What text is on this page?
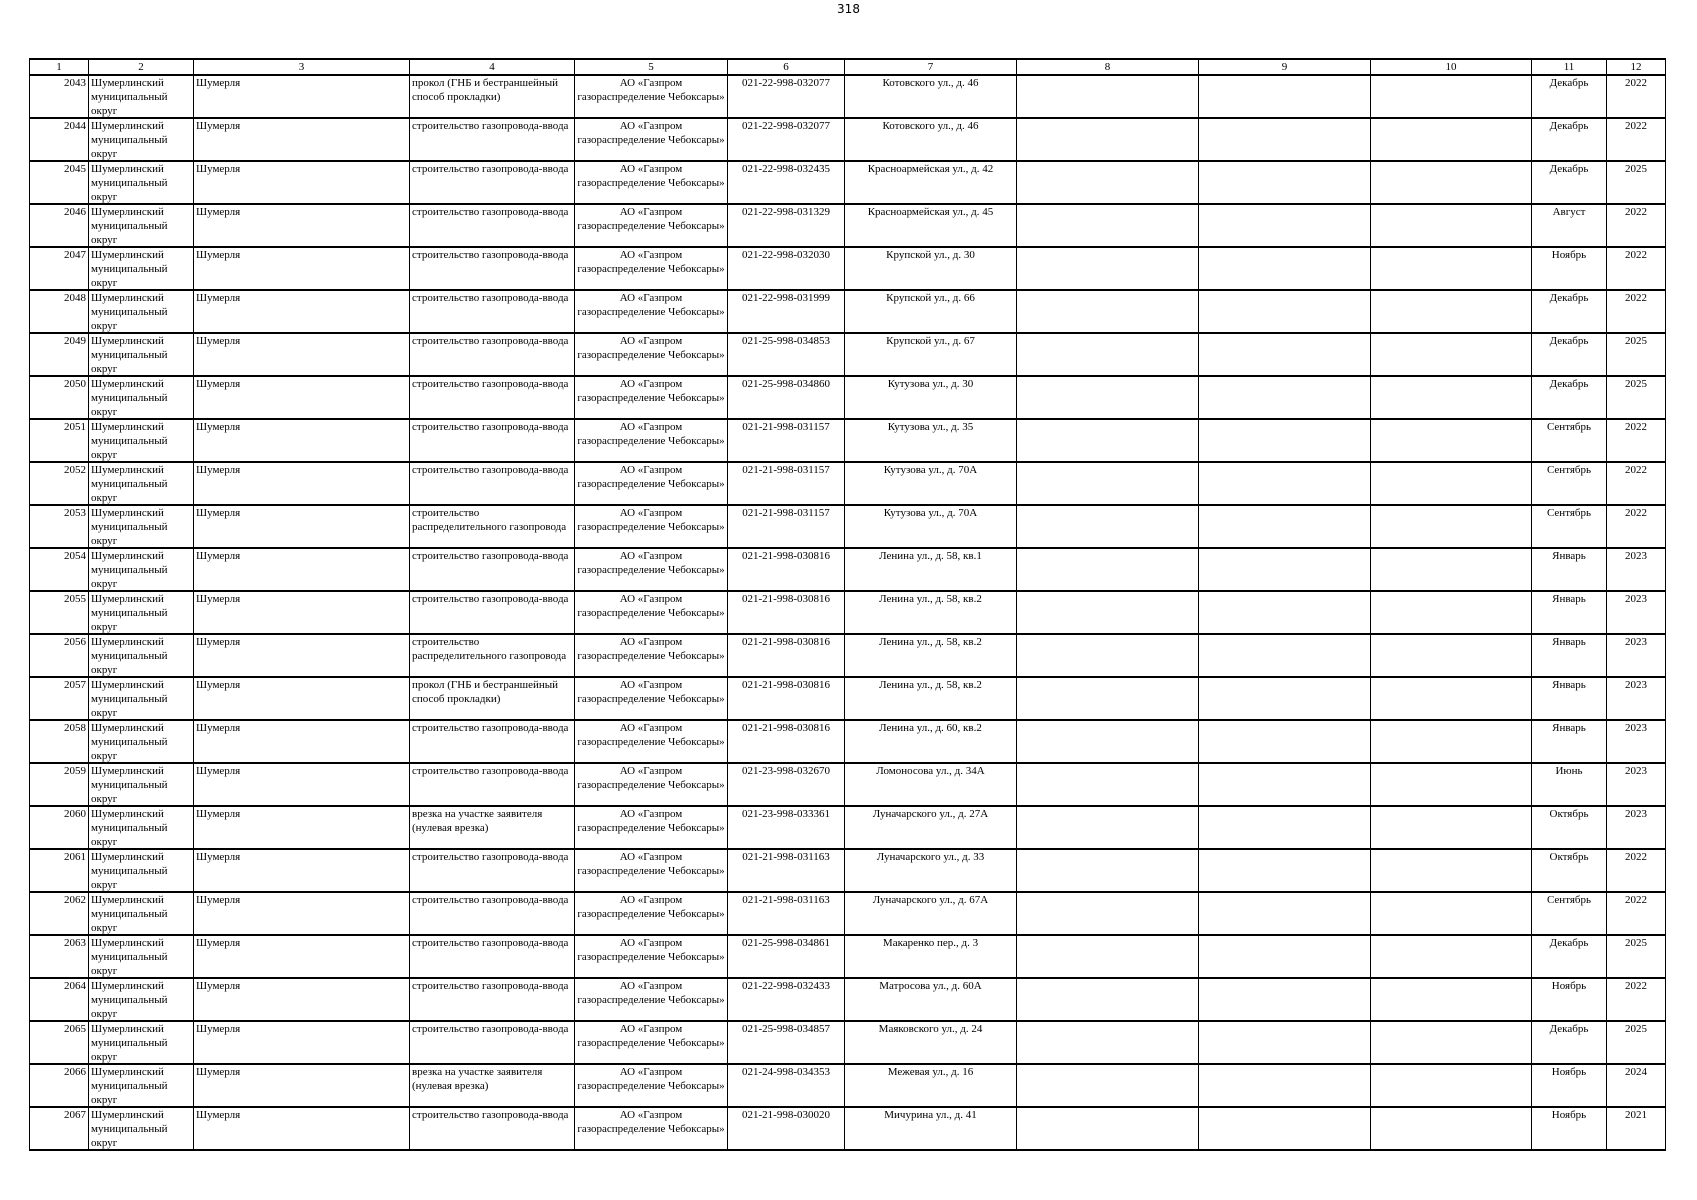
318
1	2	3	4	5	6	7	8	9	10	11	12

2043	Шумерлинский муниципальный округ	Шумерля	прокол (ГНБ и бестраншейный способ прокладки)	АО «Газпром газораспределение Чебоксары»	021-22-998-032077	Котовского ул., д. 46				Декабрь	2022

2044	Шумерлинский муниципальный округ	Шумерля	строительство газопровода-ввода	АО «Газпром газораспределение Чебоксары»	021-22-998-032077	Котовского ул., д. 46				Декабрь	2022

2045	Шумерлинский муниципальный округ	Шумерля	строительство газопровода-ввода	АО «Газпром газораспределение Чебоксары»	021-22-998-032435	Красноармейская ул., д. 42				Декабрь	2025

2046	Шумерлинский муниципальный округ	Шумерля	строительство газопровода-ввода	АО «Газпром газораспределение Чебоксары»	021-22-998-031329	Красноармейская ул., д. 45				Август	2022

2047	Шумерлинский муниципальный округ	Шумерля	строительство газопровода-ввода	АО «Газпром газораспределение Чебоксары»	021-22-998-032030	Крупской ул., д. 30				Ноябрь	2022

2048	Шумерлинский муниципальный округ	Шумерля	строительство газопровода-ввода	АО «Газпром газораспределение Чебоксары»	021-22-998-031999	Крупской ул., д. 66				Декабрь	2022

2049	Шумерлинский муниципальный округ	Шумерля	строительство газопровода-ввода	АО «Газпром газораспределение Чебоксары»	021-25-998-034853	Крупской ул., д. 67				Декабрь	2025

2050	Шумерлинский муниципальный округ	Шумерля	строительство газопровода-ввода	АО «Газпром газораспределение Чебоксары»	021-25-998-034860	Кутузова ул., д. 30				Декабрь	2025

2051	Шумерлинский муниципальный округ	Шумерля	строительство газопровода-ввода	АО «Газпром газораспределение Чебоксары»	021-21-998-031157	Кутузова ул., д. 35				Сентябрь	2022

2052	Шумерлинский муниципальный округ	Шумерля	строительство газопровода-ввода	АО «Газпром газораспределение Чебоксары»	021-21-998-031157	Кутузова ул., д. 70А				Сентябрь	2022

2053	Шумерлинский муниципальный округ	Шумерля	строительство распределительного газопровода	АО «Газпром газораспределение Чебоксары»	021-21-998-031157	Кутузова ул., д. 70А				Сентябрь	2022

2054	Шумерлинский муниципальный округ	Шумерля	строительство газопровода-ввода	АО «Газпром газораспределение Чебоксары»	021-21-998-030816	Ленина ул., д. 58, кв.1				Январь	2023

2055	Шумерлинский муниципальный округ	Шумерля	строительство газопровода-ввода	АО «Газпром газораспределение Чебоксары»	021-21-998-030816	Ленина ул., д. 58, кв.2				Январь	2023

2056	Шумерлинский муниципальный округ	Шумерля	строительство распределительного газопровода	АО «Газпром газораспределение Чебоксары»	021-21-998-030816	Ленина ул., д. 58, кв.2				Январь	2023

2057	Шумерлинский муниципальный округ	Шумерля	прокол (ГНБ и бестраншейный способ прокладки)	АО «Газпром газораспределение Чебоксары»	021-21-998-030816	Ленина ул., д. 58, кв.2				Январь	2023

2058	Шумерлинский муниципальный округ	Шумерля	строительство газопровода-ввода	АО «Газпром газораспределение Чебоксары»	021-21-998-030816	Ленина ул., д. 60, кв.2				Январь	2023

2059	Шумерлинский муниципальный округ	Шумерля	строительство газопровода-ввода	АО «Газпром газораспределение Чебоксары»	021-23-998-032670	Ломоносова ул., д. 34А				Июнь	2023

2060	Шумерлинский муниципальный округ	Шумерля	врезка на участке заявителя (нулевая врезка)	АО «Газпром газораспределение Чебоксары»	021-23-998-033361	Луначарского ул., д. 27А				Октябрь	2023

2061	Шумерлинский муниципальный округ	Шумерля	строительство газопровода-ввода	АО «Газпром газораспределение Чебоксары»	021-21-998-031163	Луначарского ул., д. 33				Октябрь	2022

2062	Шумерлинский муниципальный округ	Шумерля	строительство газопровода-ввода	АО «Газпром газораспределение Чебоксары»	021-21-998-031163	Луначарского ул., д. 67А				Сентябрь	2022

2063	Шумерлинский муниципальный округ	Шумерля	строительство газопровода-ввода	АО «Газпром газораспределение Чебоксары»	021-25-998-034861	Макаренко пер., д. 3				Декабрь	2025

2064	Шумерлинский муниципальный округ	Шумерля	строительство газопровода-ввода	АО «Газпром газораспределение Чебоксары»	021-22-998-032433	Матросова ул., д. 60А				Ноябрь	2022

2065	Шумерлинский муниципальный округ	Шумерля	строительство газопровода-ввода	АО «Газпром газораспределение Чебоксары»	021-25-998-034857	Маяковского ул., д. 24				Декабрь	2025

2066	Шумерлинский муниципальный округ	Шумерля	врезка на участке заявителя (нулевая врезка)	АО «Газпром газораспределение Чебоксары»	021-24-998-034353	Межевая ул., д. 16				Ноябрь	2024

2067	Шумерлинский муниципальный округ	Шумерля	строительство газопровода-ввода	АО «Газпром газораспределение Чебоксары»	021-21-998-030020	Мичурина ул., д. 41				Ноябрь	2021
